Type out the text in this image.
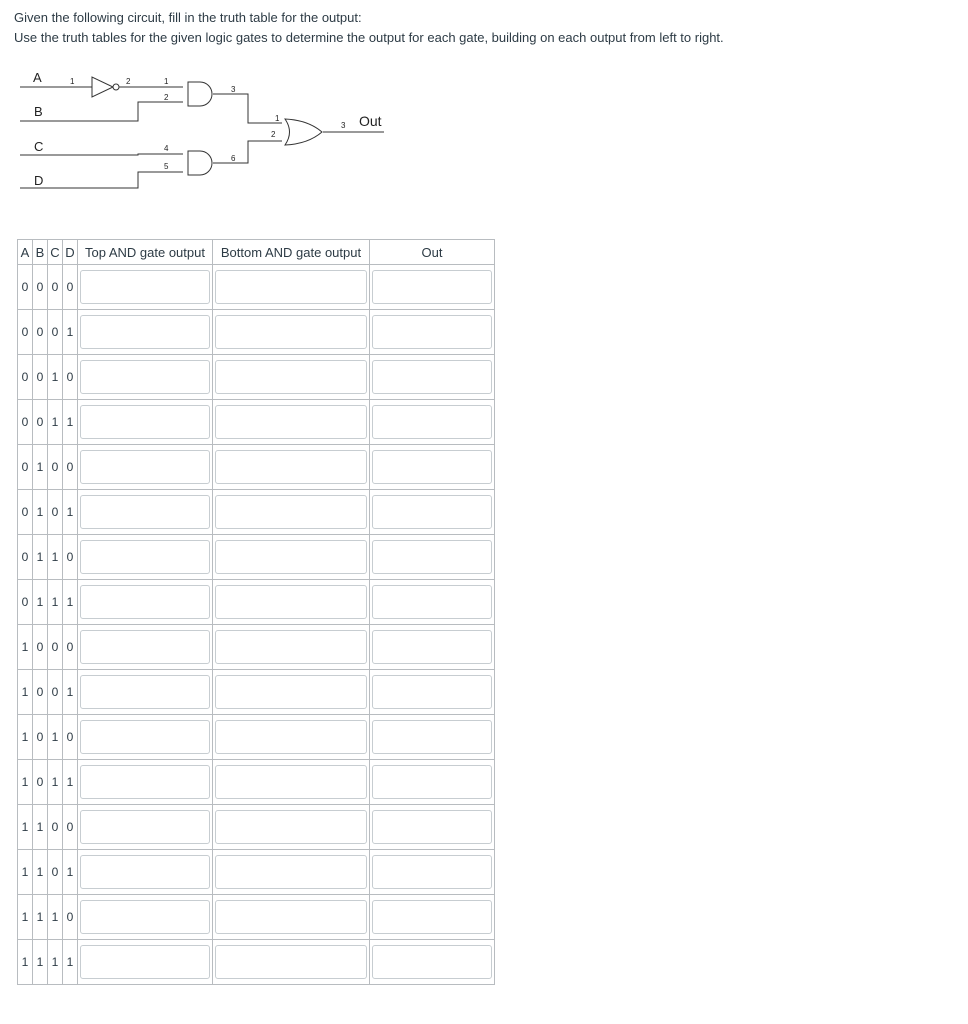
Given the following circuit, fill in the truth table for the output:

Use the truth tables for the given logic gates to determine the output for each gate, building on each output from left to right.

A
B
C
D
1	2	1
2
3
4
5
6
1
2
3 Out
A	B	C	D	Top AND gate output	Bottom AND gate output	Out
0	0	0	0	

0	0	0	1	

0	0	1	0	

0	0	1	1	

0	1	0	0	

0	1	0	1	

0	1	1	0	

0	1	1	1	

1	0	0	0	

1	0	0	1	

1	0	1	0	

1	0	1	1	

1	1	0	0	

1	1	0	1	

1	1	1	0	

1	1	1	1	
